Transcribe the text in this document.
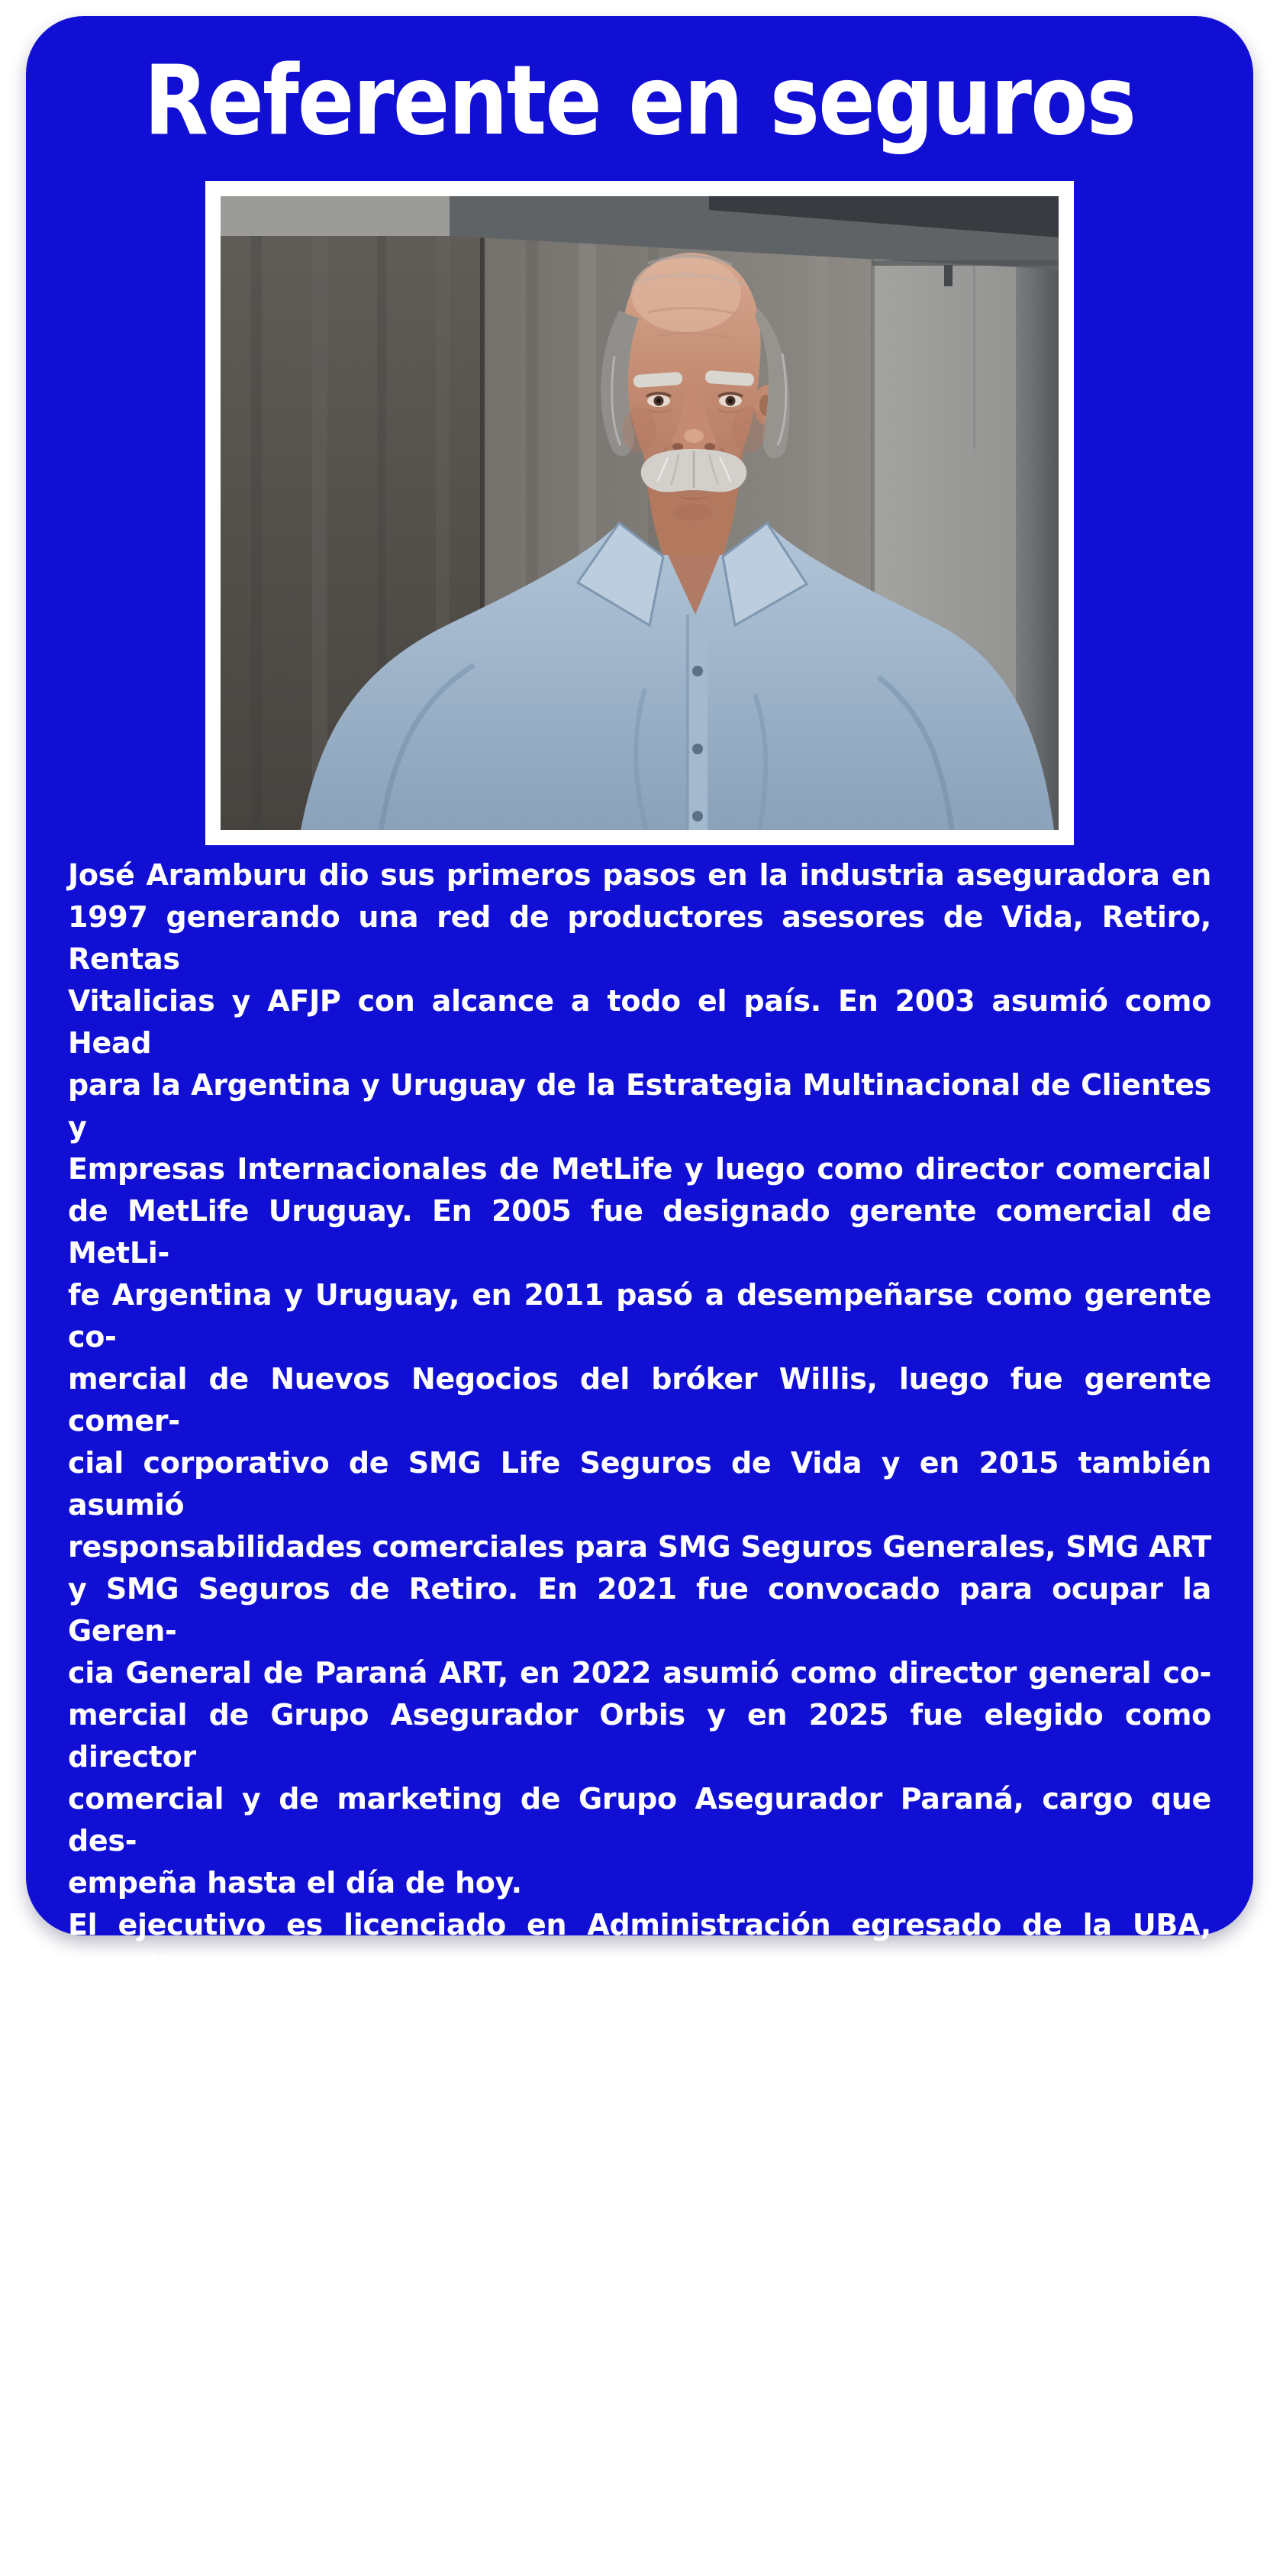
Referente en seguros
José Aramburu dio sus primeros pasos en la industria aseguradora en
1997 generando una red de productores asesores de Vida, Retiro, Rentas
Vitalicias y AFJP con alcance a todo el país. En 2003 asumió como Head
para la Argentina y Uruguay de la Estrategia Multinacional de Clientes y
Empresas Internacionales de MetLife y luego como director comercial
de MetLife Uruguay. En 2005 fue designado gerente comercial de MetLi-
fe Argentina y Uruguay, en 2011 pasó a desempeñarse como gerente co-
mercial de Nuevos Negocios del bróker Willis, luego fue gerente comer-
cial corporativo de SMG Life Seguros de Vida y en 2015 también asumió
responsabilidades comerciales para SMG Seguros Generales, SMG ART
y SMG Seguros de Retiro. En 2021 fue convocado para ocupar la Geren-
cia General de Paraná ART, en 2022 asumió como director general co-
mercial de Grupo Asegurador Orbis y en 2025 fue elegido como director
comercial y de marketing de Grupo Asegurador Paraná, cargo que des-
empeña hasta el día de hoy.
El ejecutivo es licenciado en Administración egresado de la UBA, acredi-
ta un Master en Seguros y Risk Management de la EALDE (España), otro
en Finanzas y Dirección Financiera de la EUDE (España), un MBA Empre-
sarial de la EUDE y un MBA Essentials de la London School of Economics
& Political Science.
A lo largo de su carrera, recibió dos veces el premio ‘Top Manager’ por
mejor cumplimiento de objetivos a nivel mundial otorgado por MetLife
Internacional HO y una medalla de oro por mejor gestión estratégica y
comercial a nivel global otorgada por la votación de todos los ejecutivos
del Pool Hancock a escala mundial.
